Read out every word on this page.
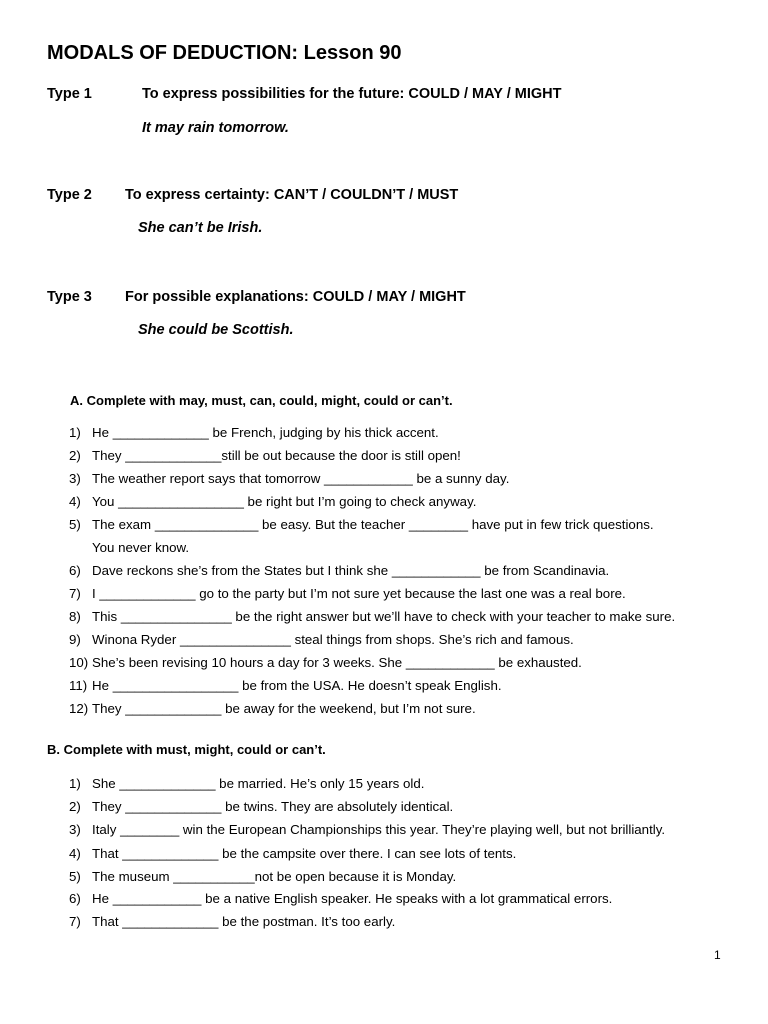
MODALS OF DEDUCTION: Lesson 90
Type 1	To express possibilities for the future: COULD / MAY / MIGHT
It may rain tomorrow.
Type 2 To express certainty: CAN’T / COULDN’T / MUST
She can’t be Irish.
Type 3 For possible explanations: COULD / MAY / MIGHT
She could be Scottish.
A. Complete with may, must, can, could, might, could or can’t.
1) He _____________ be French, judging by his thick accent.
2) They _____________still be out because the door is still open!
3) The weather report says that tomorrow ____________ be a sunny day.
4) You _________________ be right but I’m going to check anyway.
5) The exam ______________ be easy. But the teacher ________ have put in few trick questions.
You never know.
6) Dave reckons she’s from the States but I think she ____________ be from Scandinavia.
7) I _____________ go to the party but I’m not sure yet because the last one was a real bore.
8) This _______________ be the right answer but we’ll have to check with your teacher to make sure.
9) Winona Ryder _______________ steal things from shops. She’s rich and famous.
10) She’s been revising 10 hours a day for 3 weeks. She ____________ be exhausted.
11) He _________________ be from the USA. He doesn’t speak English.
12) They _____________ be away for the weekend, but I’m not sure.
B. Complete with must, might, could or can’t.
1) She _____________ be married. He’s only 15 years old.
2) They _____________ be twins. They are absolutely identical.
3) Italy ________ win the European Championships this year. They’re playing well, but not brilliantly.
4) That _____________ be the campsite over there. I can see lots of tents.
5) The museum ___________not be open because it is Monday.
6) He ____________ be a native English speaker. He speaks with a lot grammatical errors.
7) That _____________ be the postman. It’s too early.
1
